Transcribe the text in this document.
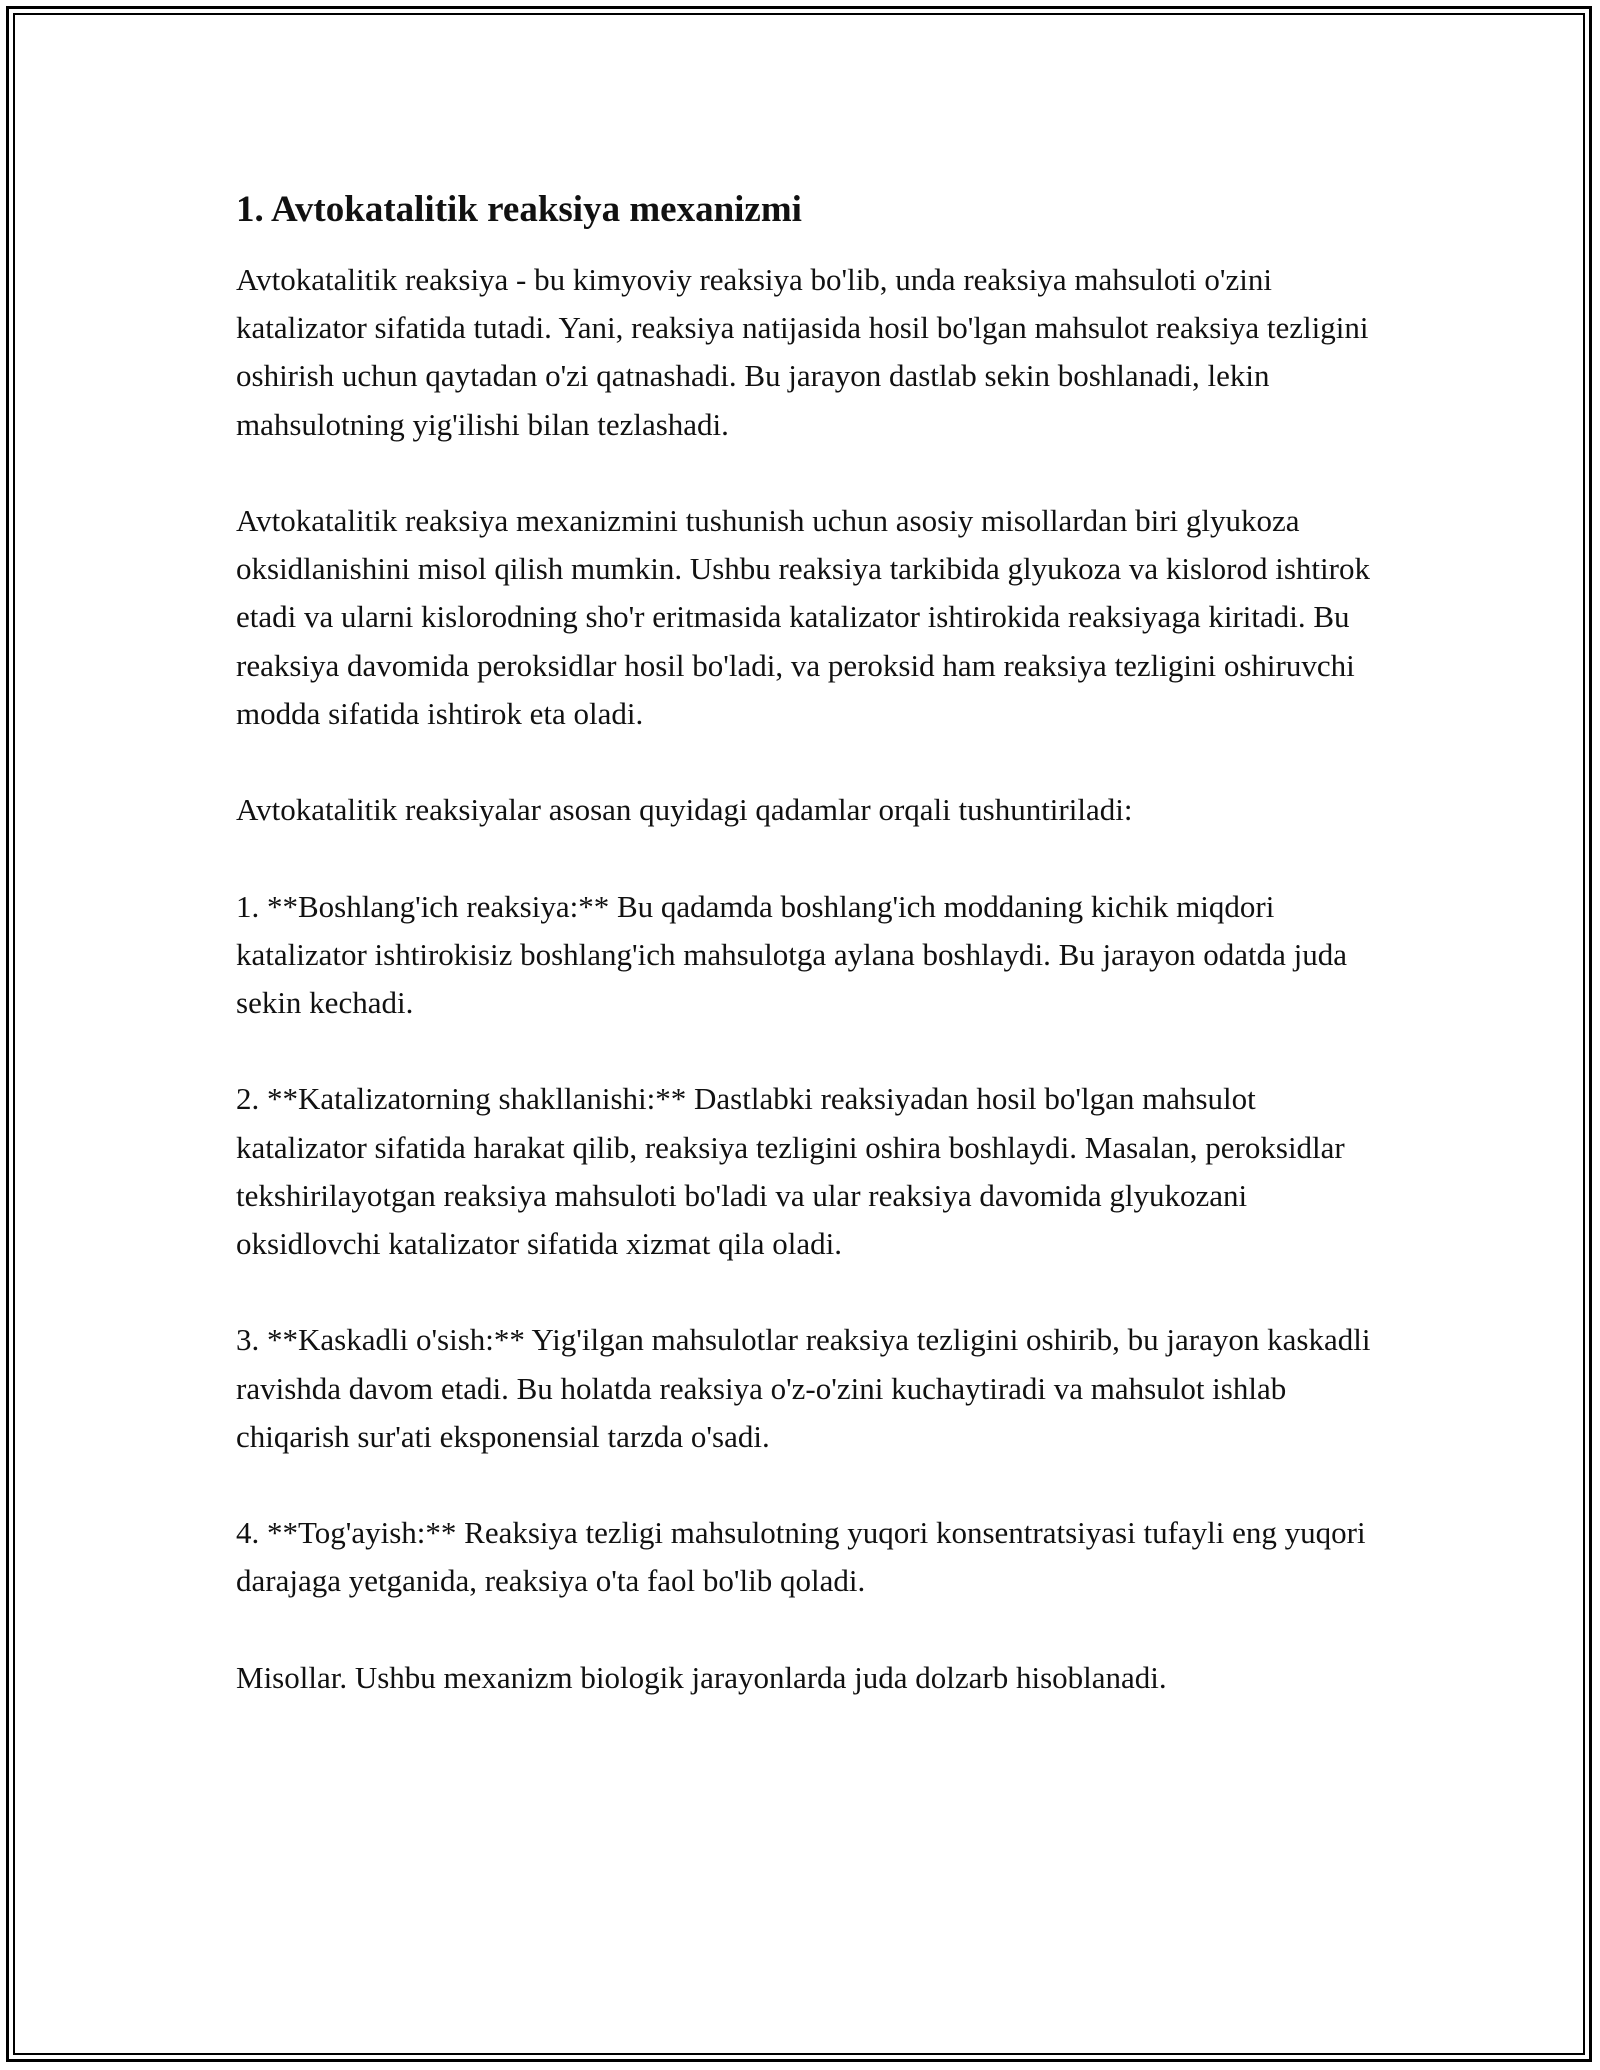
1. Avtokatalitik reaksiya mexanizmi

Avtokatalitik reaksiya - bu kimyoviy reaksiya bo'lib, unda reaksiya mahsuloti o'zini katalizator sifatida tutadi. Yani, reaksiya natijasida hosil bo'lgan mahsulot reaksiya tezligini oshirish uchun qaytadan o'zi qatnashadi. Bu jarayon dastlab sekin boshlanadi, lekin mahsulotning yig'ilishi bilan tezlashadi.

Avtokatalitik reaksiya mexanizmini tushunish uchun asosiy misollardan biri glyukoza oksidlanishini misol qilish mumkin. Ushbu reaksiya tarkibida glyukoza va kislorod ishtirok etadi va ularni kislorodning sho'r eritmasida katalizator ishtirokida reaksiyaga kiritadi. Bu reaksiya davomida peroksidlar hosil bo'ladi, va peroksid ham reaksiya tezligini oshiruvchi modda sifatida ishtirok eta oladi.

Avtokatalitik reaksiyalar asosan quyidagi qadamlar orqali tushuntiriladi:

1. **Boshlang'ich reaksiya:** Bu qadamda boshlang'ich moddaning kichik miqdori katalizator ishtirokisiz boshlang'ich mahsulotga aylana boshlaydi. Bu jarayon odatda juda sekin kechadi.

2. **Katalizatorning shakllanishi:** Dastlabki reaksiyadan hosil bo'lgan mahsulot katalizator sifatida harakat qilib, reaksiya tezligini oshira boshlaydi. Masalan, peroksidlar tekshirilayotgan reaksiya mahsuloti bo'ladi va ular reaksiya davomida glyukozani oksidlovchi katalizator sifatida xizmat qila oladi.

3. **Kaskadli o'sish:** Yig'ilgan mahsulotlar reaksiya tezligini oshirib, bu jarayon kaskadli ravishda davom etadi. Bu holatda reaksiya o'z-o'zini kuchaytiradi va mahsulot ishlab chiqarish sur'ati eksponensial tarzda o'sadi.

4. **Tog'ayish:** Reaksiya tezligi mahsulotning yuqori konsentratsiyasi tufayli eng yuqori darajaga yetganida, reaksiya o'ta faol bo'lib qoladi.

Misollar. Ushbu mexanizm biologik jarayonlarda juda dolzarb hisoblanadi.
